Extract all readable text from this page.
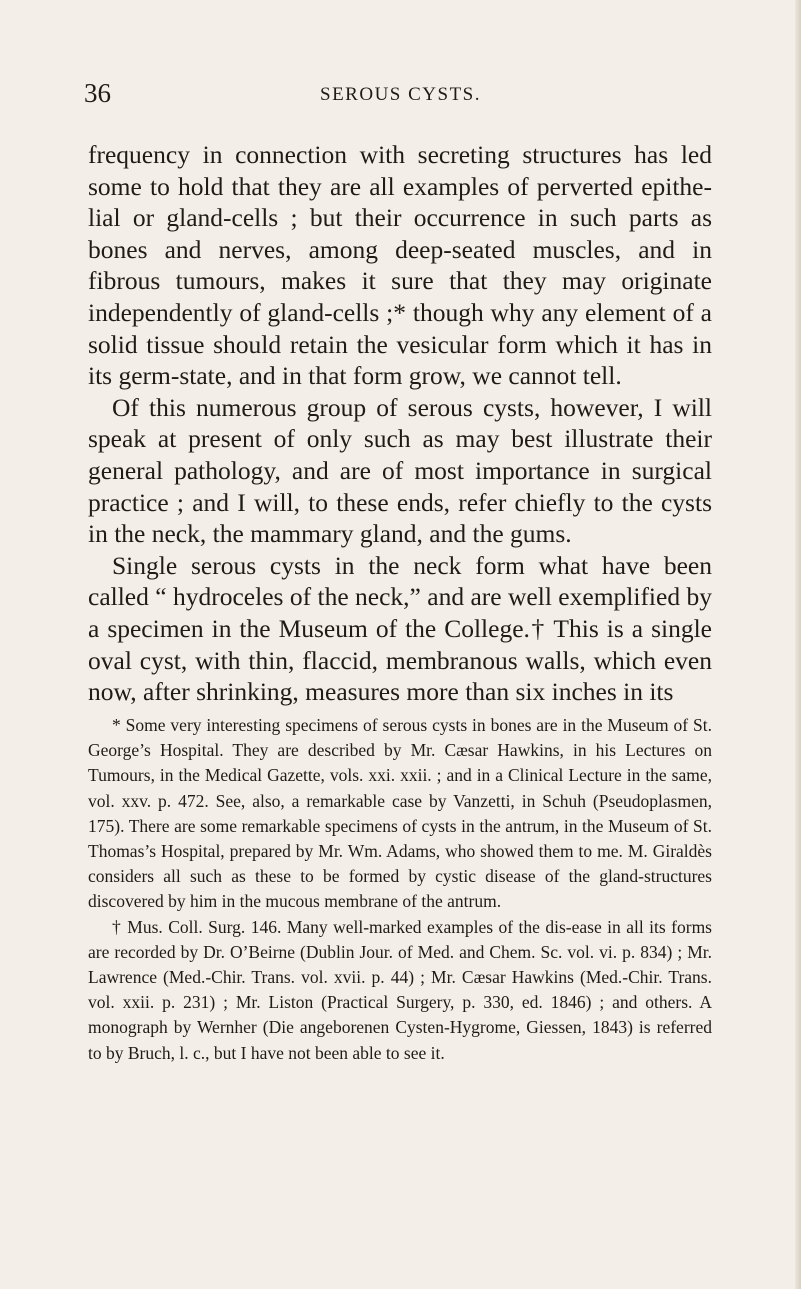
36	SEROUS CYSTS.

frequency in connection with secreting structures has led some to hold that they are all examples of perverted epithe-lial or gland-cells ; but their occurrence in such parts as bones and nerves, among deep-seated muscles, and in fibrous tumours, makes it sure that they may originate independently of gland-cells ;* though why any element of a solid tissue should retain the vesicular form which it has in its germ-state, and in that form grow, we cannot tell.

Of this numerous group of serous cysts, however, I will speak at present of only such as may best illustrate their general pathology, and are of most importance in surgical practice ; and I will, to these ends, refer chiefly to the cysts in the neck, the mammary gland, and the gums.

Single serous cysts in the neck form what have been called “ hydroceles of the neck,” and are well exemplified by a specimen in the Museum of the College.† This is a single oval cyst, with thin, flaccid, membranous walls, which even now, after shrinking, measures more than six inches in its

* Some very interesting specimens of serous cysts in bones are in the Museum of St. George’s Hospital. They are described by Mr. Cæsar Hawkins, in his Lectures on Tumours, in the Medical Gazette, vols. xxi. xxii. ; and in a Clinical Lecture in the same, vol. xxv. p. 472. See, also, a remarkable case by Vanzetti, in Schuh (Pseudoplasmen, 175). There are some remarkable specimens of cysts in the antrum, in the Museum of St. Thomas’s Hospital, prepared by Mr. Wm. Adams, who showed them to me. M. Giraldès considers all such as these to be formed by cystic disease of the gland-structures discovered by him in the mucous membrane of the antrum.

† Mus. Coll. Surg. 146. Many well-marked examples of the dis-ease in all its forms are recorded by Dr. O’Beirne (Dublin Jour. of Med. and Chem. Sc. vol. vi. p. 834) ; Mr. Lawrence (Med.-Chir. Trans. vol. xvii. p. 44) ; Mr. Cæsar Hawkins (Med.-Chir. Trans. vol. xxii. p. 231) ; Mr. Liston (Practical Surgery, p. 330, ed. 1846) ; and others. A monograph by Wernher (Die angeborenen Cysten-Hygrome, Giessen, 1843) is referred to by Bruch, l. c., but I have not been able to see it.
